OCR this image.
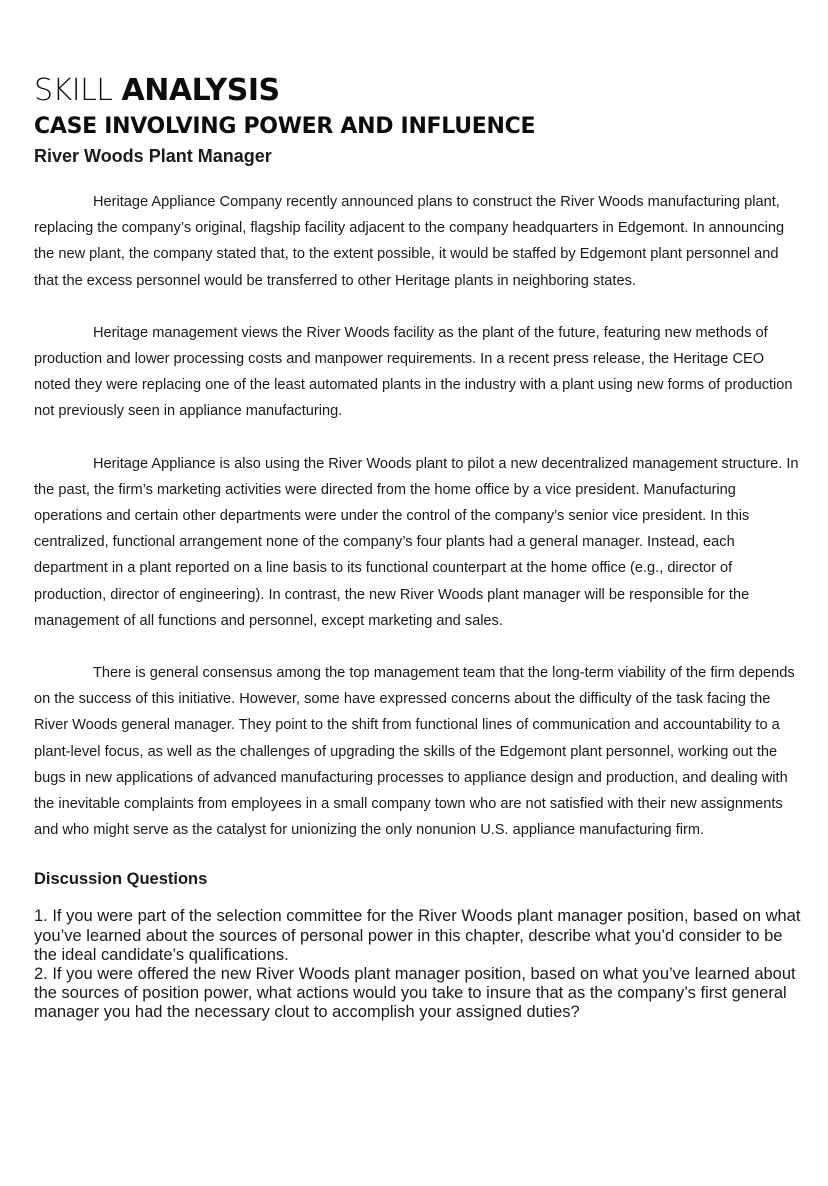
SKILL ANALYSIS
CASE INVOLVING POWER AND INFLUENCE
River Woods Plant Manager

Heritage Appliance Company recently announced plans to construct the River Woods manufacturing plant, replacing the company’s original, flagship facility adjacent to the company headquarters in Edgemont. In announcing the new plant, the company stated that, to the extent possible, it would be staffed by Edgemont plant personnel and that the excess personnel would be transferred to other Heritage plants in neighboring states.

Heritage management views the River Woods facility as the plant of the future, featuring new methods of production and lower processing costs and manpower requirements. In a recent press release, the Heritage CEO noted they were replacing one of the least automated plants in the industry with a plant using new forms of production not previously seen in appliance manufacturing.

Heritage Appliance is also using the River Woods plant to pilot a new decentralized management structure. In the past, the firm’s marketing activities were directed from the home office by a vice president. Manufacturing operations and certain other departments were under the control of the company’s senior vice president. In this centralized, functional arrangement none of the company’s four plants had a general manager. Instead, each department in a plant reported on a line basis to its functional counterpart at the home office (e.g., director of production, director of engineering). In contrast, the new River Woods plant manager will be responsible for the management of all functions and personnel, except marketing and sales.

There is general consensus among the top management team that the long-term viability of the firm depends on the success of this initiative. However, some have expressed concerns about the difficulty of the task facing the River Woods general manager. They point to the shift from functional lines of communication and accountability to a plant-level focus, as well as the challenges of upgrading the skills of the Edgemont plant personnel, working out the bugs in new applications of advanced manufacturing processes to appliance design and production, and dealing with the inevitable complaints from employees in a small company town who are not satisfied with their new assignments and who might serve as the catalyst for unionizing the only nonunion U.S. appliance manufacturing firm.

Discussion Questions

1. If you were part of the selection committee for the River Woods plant manager position, based on what you’ve learned about the sources of personal power in this chapter, describe what you’d consider to be the ideal candidate’s qualifications.

2. If you were offered the new River Woods plant manager position, based on what you’ve learned about the sources of position power, what actions would you take to insure that as the company’s first general manager you had the necessary clout to accomplish your assigned duties?
